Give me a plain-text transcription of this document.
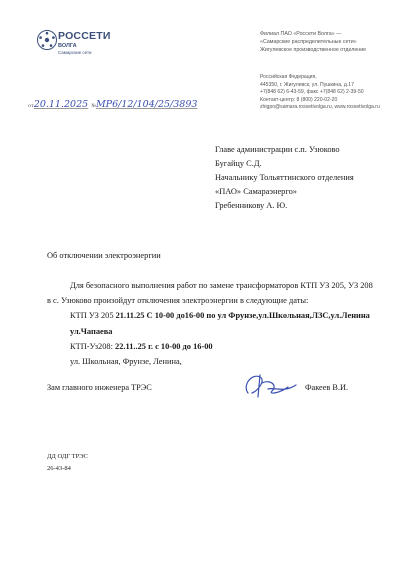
РОССЕТИ
ВОЛГА
Самарские сети
Филиал ПАО «Россети Волга» —
«Самарские распределительные сети»
Жигулевское производственное отделение
Российская Федерация,
445350, г. Жигулевск, ул. Пушкина, д.17
+7(848 62) 6-43-59, факс +7(848 62) 2-39-50
Контакт-центр: 8 (800) 220-02-20
zhigpo@samara.rossetivolga.ru, www.rossetivolga.ru
от20.11.2025 №МР6/12/104/25/3893
Главе администрации с.п. Узюково
Бугайцу С.Д.
Начальнику Тольяттинского отделения
«ПАО» Самараэнерго»
Гребенникову А. Ю.
Об отключении электроэнергии
Для безопасного выполнения работ по замене трансформаторов КТП УЗ 205, УЗ 208
в с. Узюково произойдут отключения электроэнергии в следующие даты:
КТП УЗ 205 21.11.25 С 10-00 до16-00 по ул Фрунзе,ул.Школьная,ЛЗС,ул.Ленина
ул.Чапаева
КТП-Уз208: 22.11..25 г. с 10-00 до 16-00
ул. Школьная, Фрунзе, Ленина,
Зам главного инженера ТРЭС	Факеев В.И.
ДД ОДГ ТРЭС
26-43-84
